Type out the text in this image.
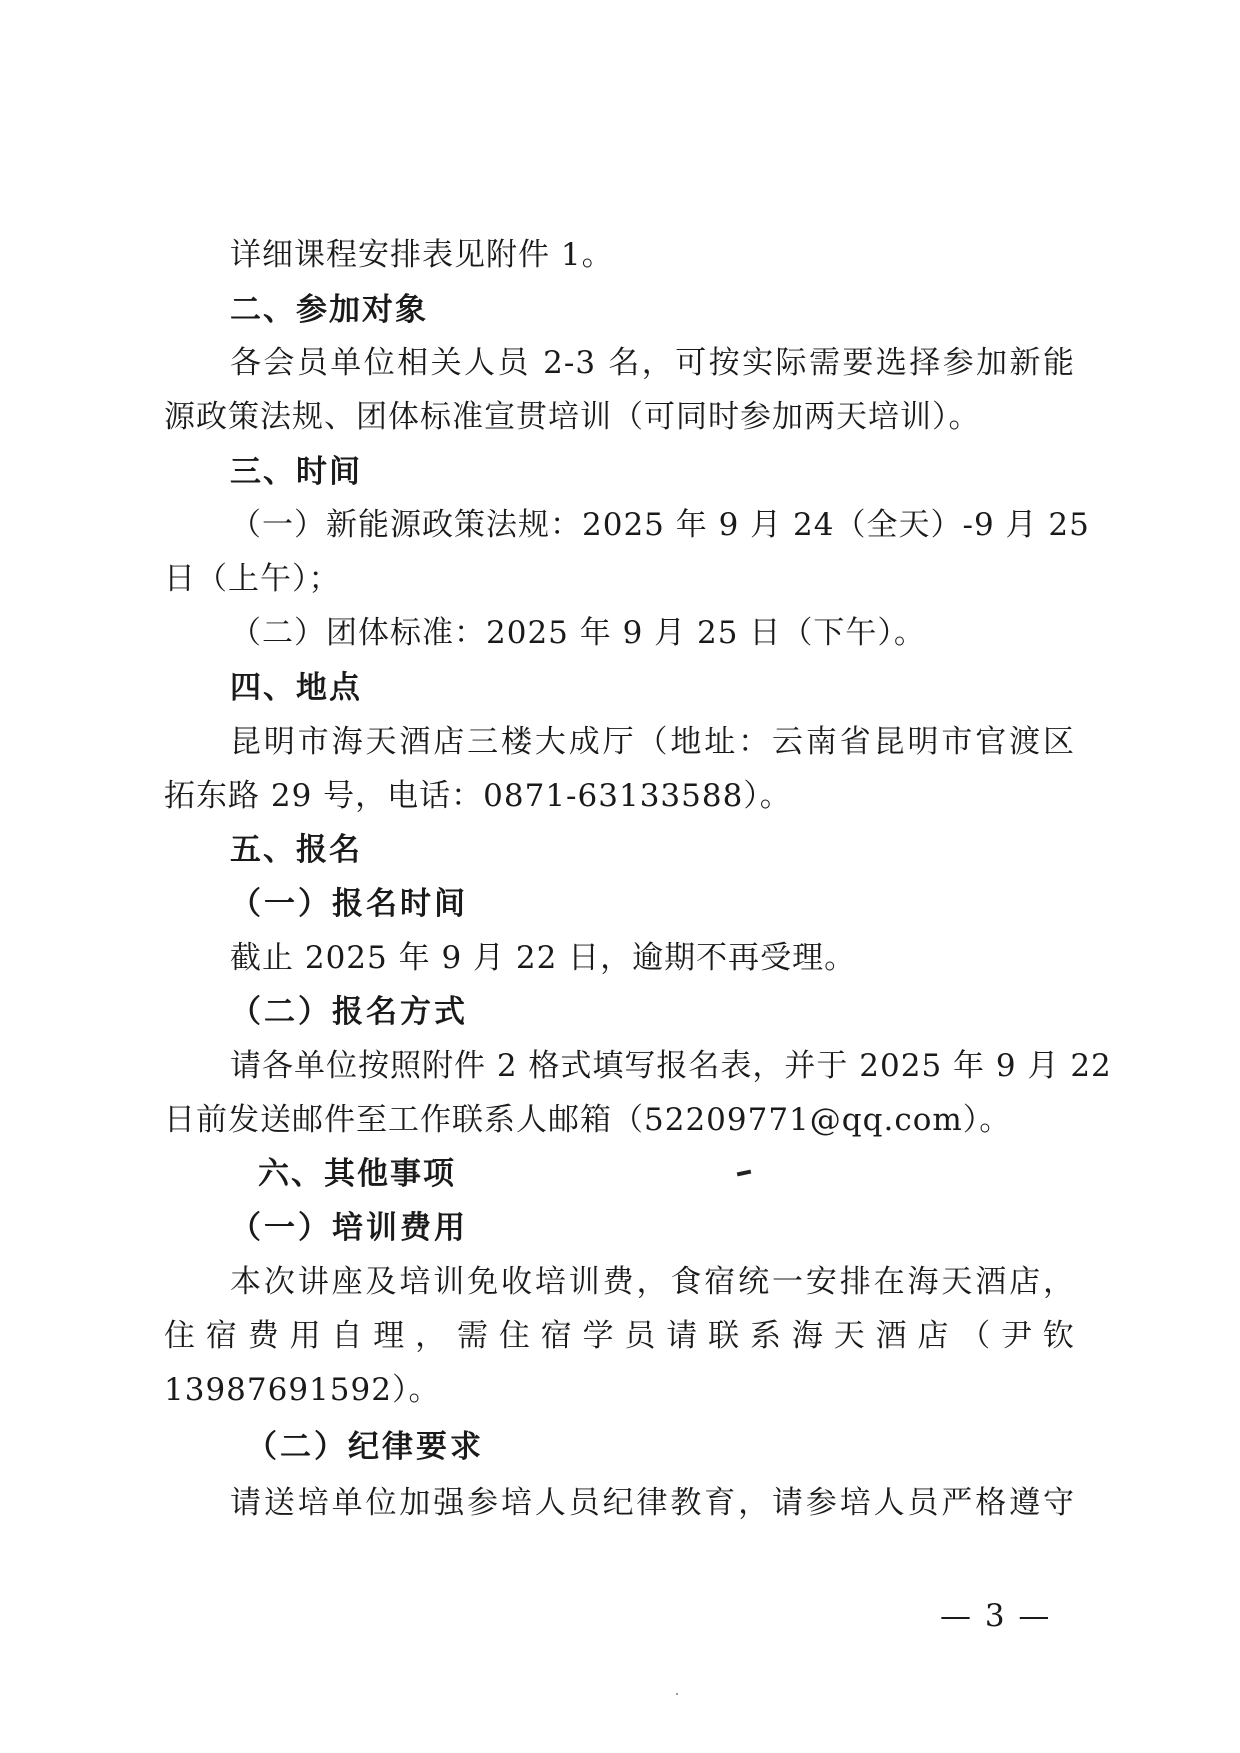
详细课程安排表见附件 1。
二、参加对象
各会员单位相关人员 2-3 名，可按实际需要选择参加新能
源政策法规、团体标准宣贯培训（可同时参加两天培训）。
三、时间
（一）新能源政策法规：2025 年 9 月 24（全天）-9 月 25
日（上午）；
（二）团体标准：2025 年 9 月 25 日（下午）。
四、地点
昆明市海天酒店三楼大成厅（地址：云南省昆明市官渡区
拓东路 29 号，电话：0871-63133588）。
五、报名
（一）报名时间
截止 2025 年 9 月 22 日，逾期不再受理。
（二）报名方式
请各单位按照附件 2 格式填写报名表，并于 2025 年 9 月 22
日前发送邮件至工作联系人邮箱（52209771@qq.com）。
六、其他事项
（一）培训费用
本次讲座及培训免收培训费，食宿统一安排在海天酒店，
住宿费用自理，需住宿学员请联系海天酒店（尹钦
13987691592）。
（二）纪律要求
请送培单位加强参培人员纪律教育，请参培人员严格遵守
— 3 —
